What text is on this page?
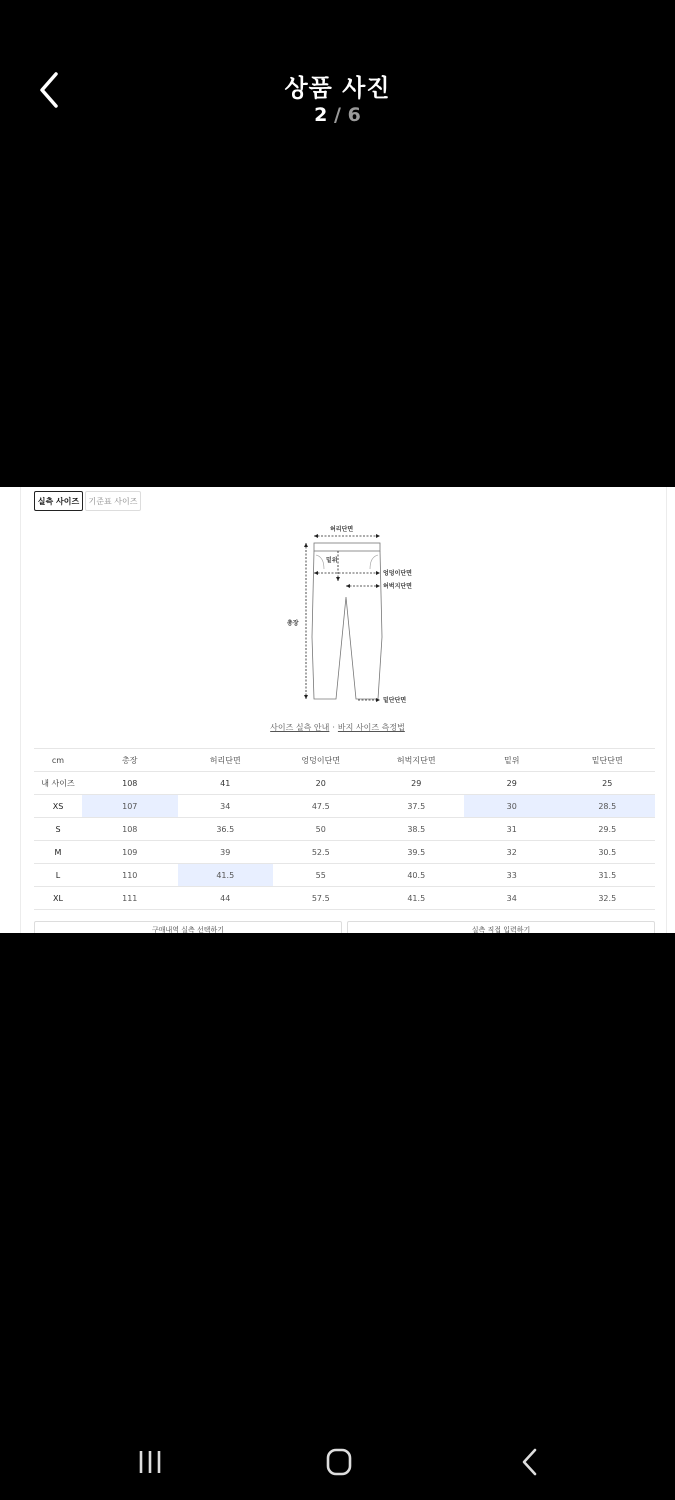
상품 사진
2 / 6
실측 사이즈	기준표 사이즈
허리단면
밑위
엉덩이단면
허벅지단면
총장
밑단단면
사이즈 실측 안내 · 바지 사이즈 측정법
cm	총장	허리단면	엉덩이단면	허벅지단면	밑위	밑단단면
내 사이즈	108	41	20	29	29	25
XS	107	34	47.5	37.5	30	28.5
S	108	36.5	50	38.5	31	29.5
M	109	39	52.5	39.5	32	30.5
L	110	41.5	55	40.5	33	31.5
XL	111	44	57.5	41.5	34	32.5
구매내역 실측 선택하기	실측 직접 입력하기
